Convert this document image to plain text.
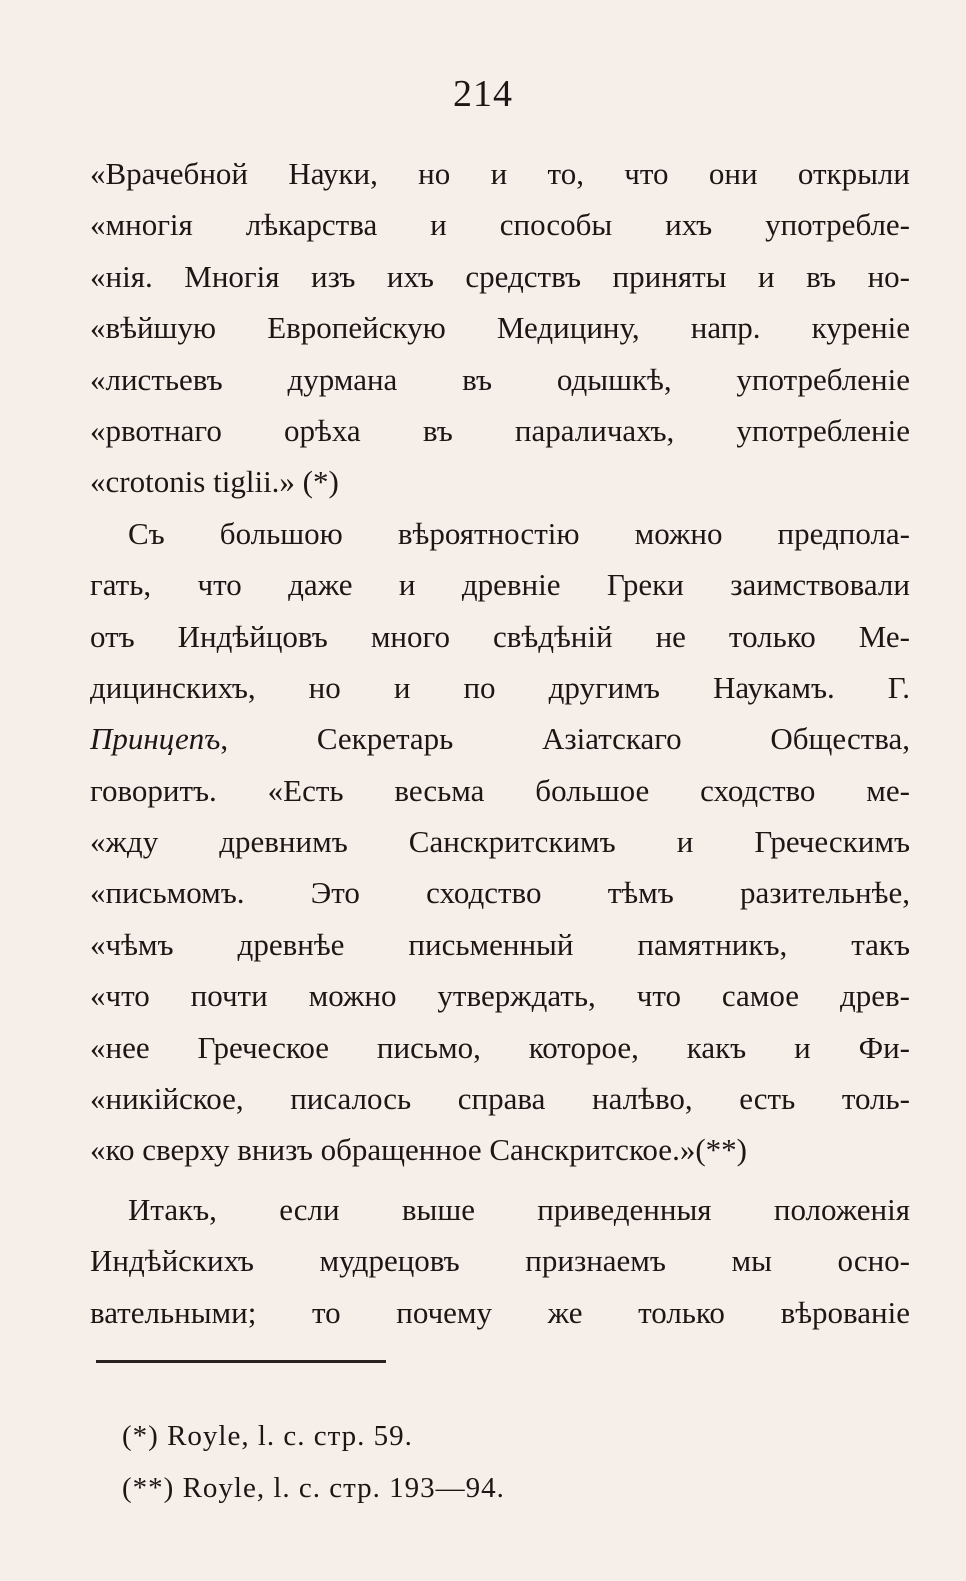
214
«Врачебной Науки, но и то, что они открыли
«многія лѣкарства и способы ихъ употребле-
«нія. Многія изъ ихъ средствъ приняты и въ но-
«вѣйшую Европейскую Медицину, напр. куреніе
«листьевъ дурмана въ одышкѣ, употребленіе
«рвотнаго орѣха въ параличахъ, употребленіе
«crotonis tiglii.» (*)
Съ большою вѣроятностію можно предпола-
гать, что даже и древніе Греки заимствовали
отъ Индѣйцовъ много свѣдѣній не только Ме-
дицинскихъ, но и по другимъ Наукамъ. Г.
Принцепъ, Секретарь Азіатскаго Общества,
говоритъ. «Есть весьма большое сходство ме-
«жду древнимъ Санскритскимъ и Греческимъ
«письмомъ. Это сходство тѣмъ разительнѣе,
«чѣмъ древнѣе письменный памятникъ, такъ
«что почти можно утверждать, что самое древ-
«нее Греческое письмо, которое, какъ и Фи-
«никійское, писалось справа налѣво, есть толь-
«ко сверху внизъ обращенное Санскритское.»(**)
Итакъ, если выше приведенныя положенія
Индѣйскихъ мудрецовъ признаемъ мы осно-
вательными; то почему же только вѣрованіе
(*) Royle, l. c. стр. 59.
(**) Royle, l. c. стр. 193—94.
